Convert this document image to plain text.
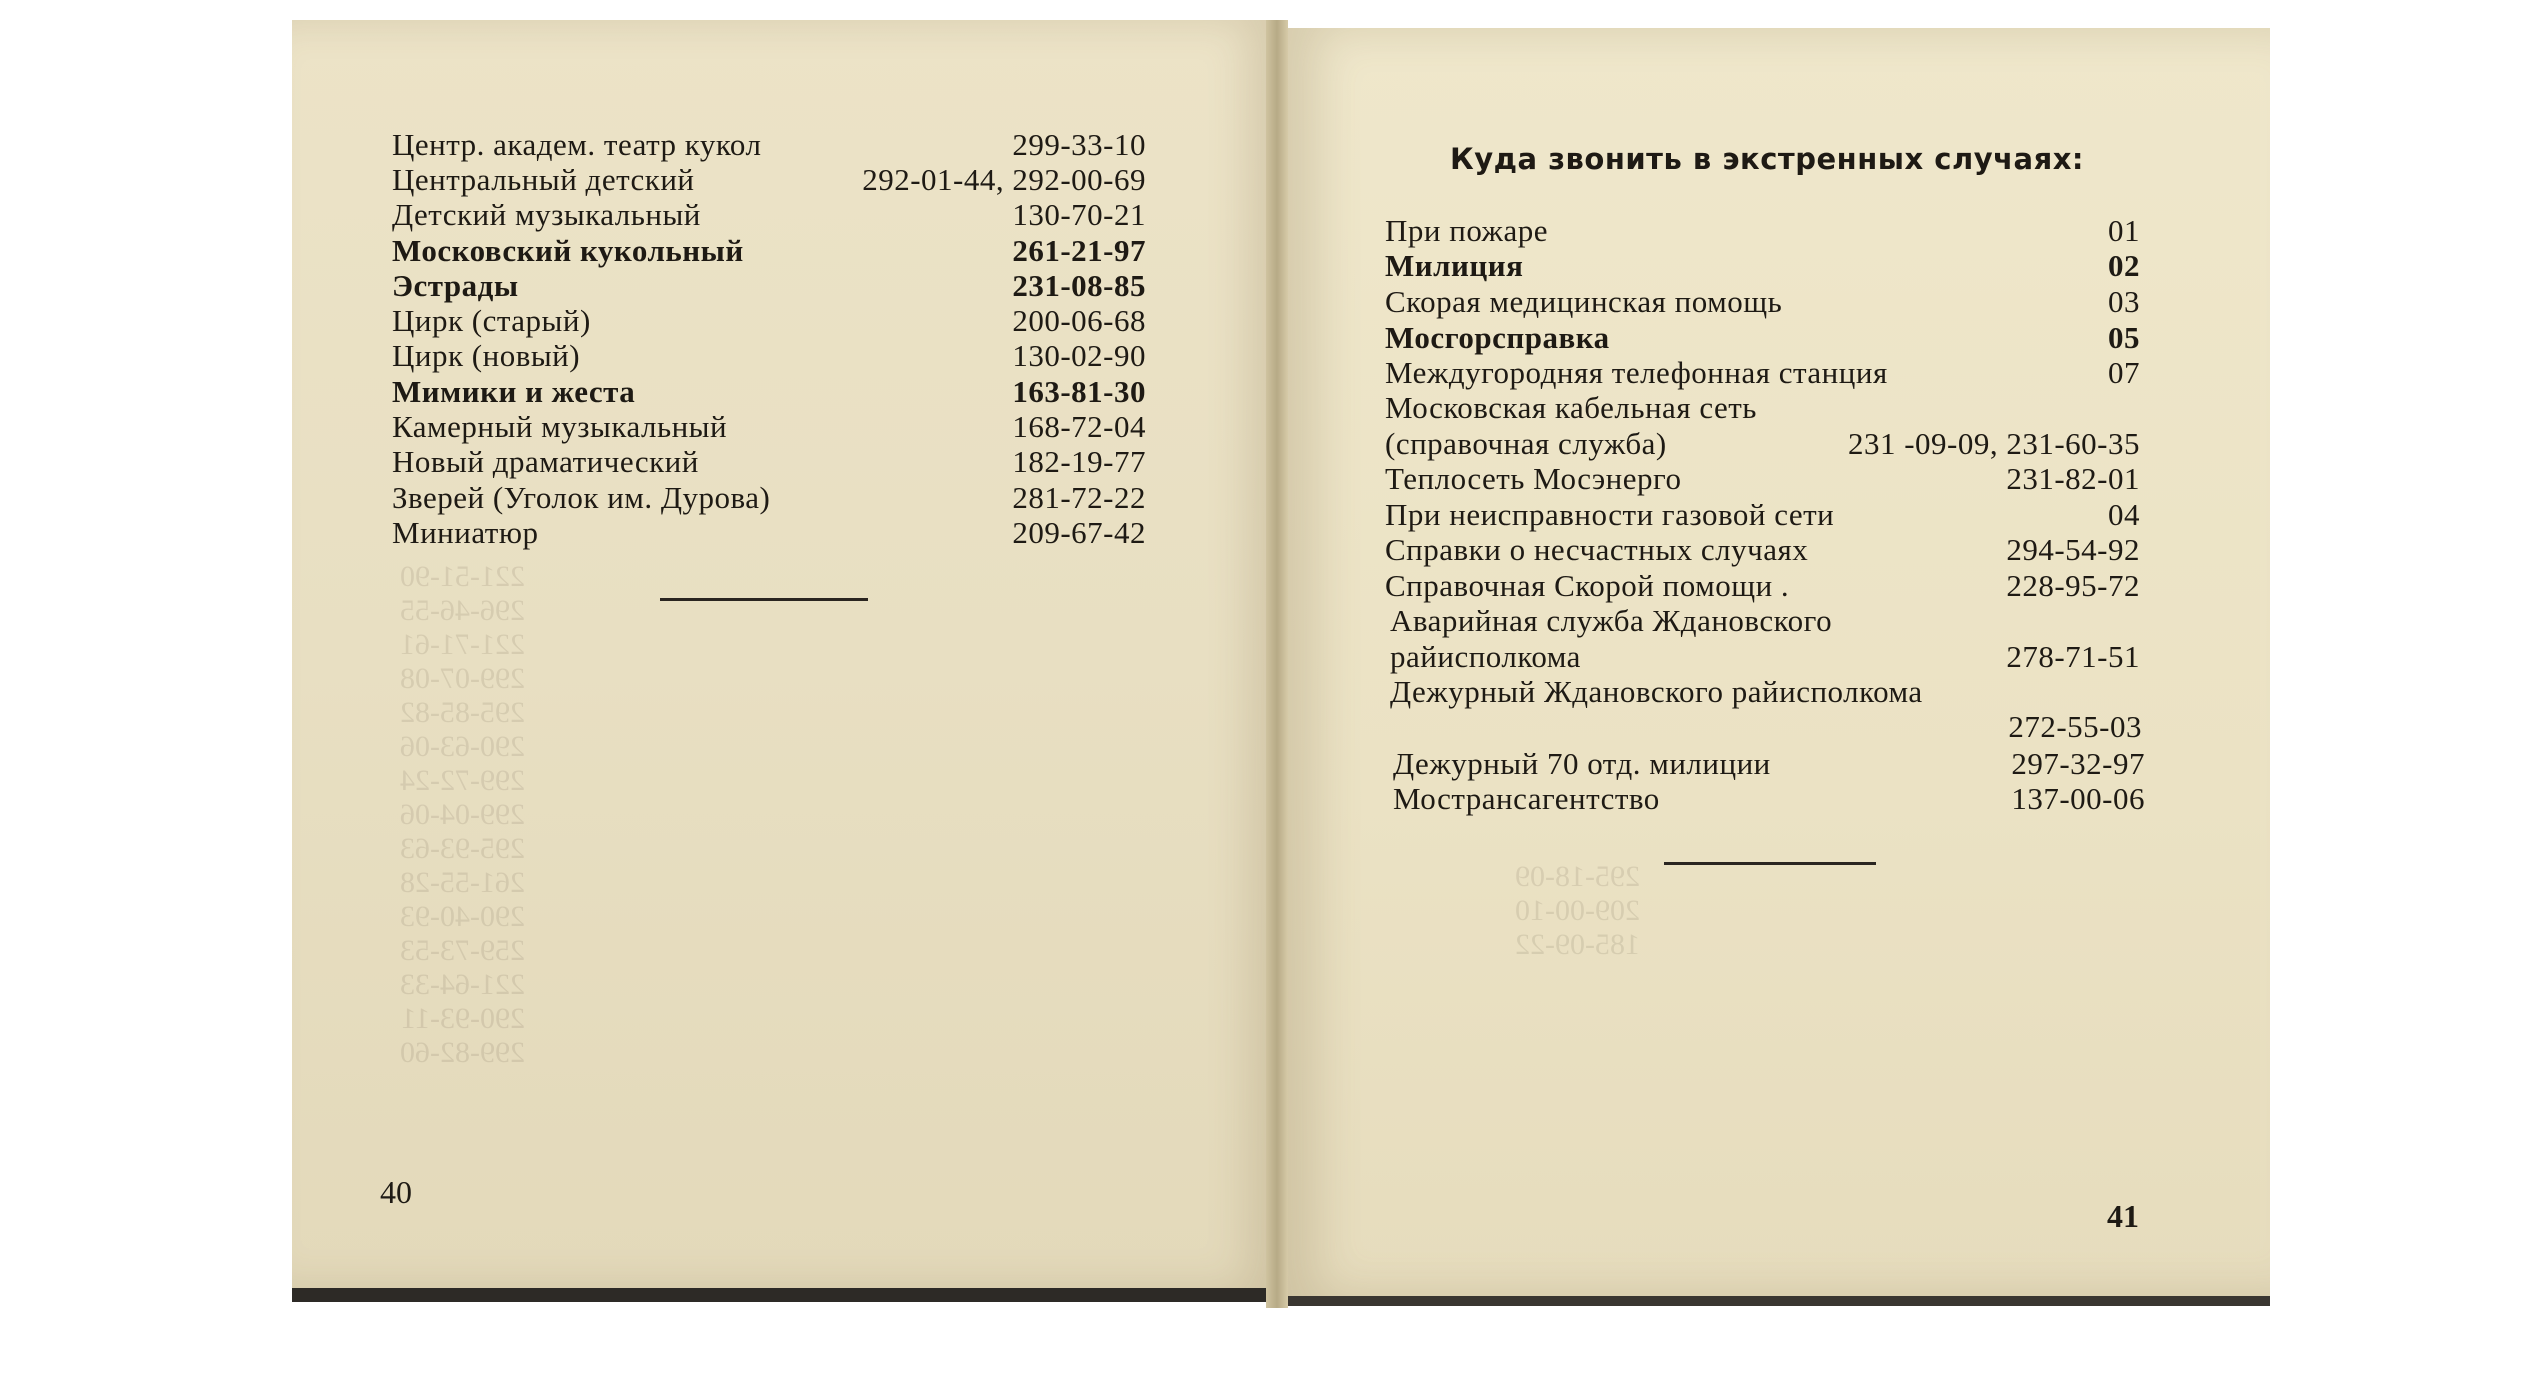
221-51-90
296-46-55
221-71-61
299-07-08
295-85-82
290-63-06
299-72-24
299-04-06
295-93-63
261-55-28
290-40-93
259-73-53
221-64-33
290-93-11
299-82-60
295-18-09
209-00-10
185-09-22

Центр. академ. театр кукол	299-33-10
Центральный детский	292-01-44, 292-00-69
Детский музыкальный	130-70-21
Московский кукольный	261-21-97
Эстрады	231-08-85
Цирк (старый)	200-06-68
Цирк (новый)	130-02-90
Мимики и жеста	163-81-30
Камерный музыкальный	168-72-04
Новый драматический	182-19-77
Зверей (Уголок им. Дурова)	281-72-22
Миниатюр	209-67-42
40
Куда звонить в экстренных случаях:
При пожаре	01
Милиция	02
Скорая медицинская помощь	03
Мосгорсправка	05
Междугородняя телефонная станция	07
Московская кабельная сеть
(справочная служба)	231 -09-09, 231-60-35
Теплосеть Мосэнерго	231-82-01
При неисправности газовой сети	04
Справки о несчастных случаях	294-54-92
Справочная Скорой помощи .	228-95-72
Аварийная служба Ждановского
райисполкома	278-71-51
Дежурный Ждановского райисполкома
272-55-03
Дежурный 70 отд. милиции	297-32-97
Мострансагентство	137-00-06
41
